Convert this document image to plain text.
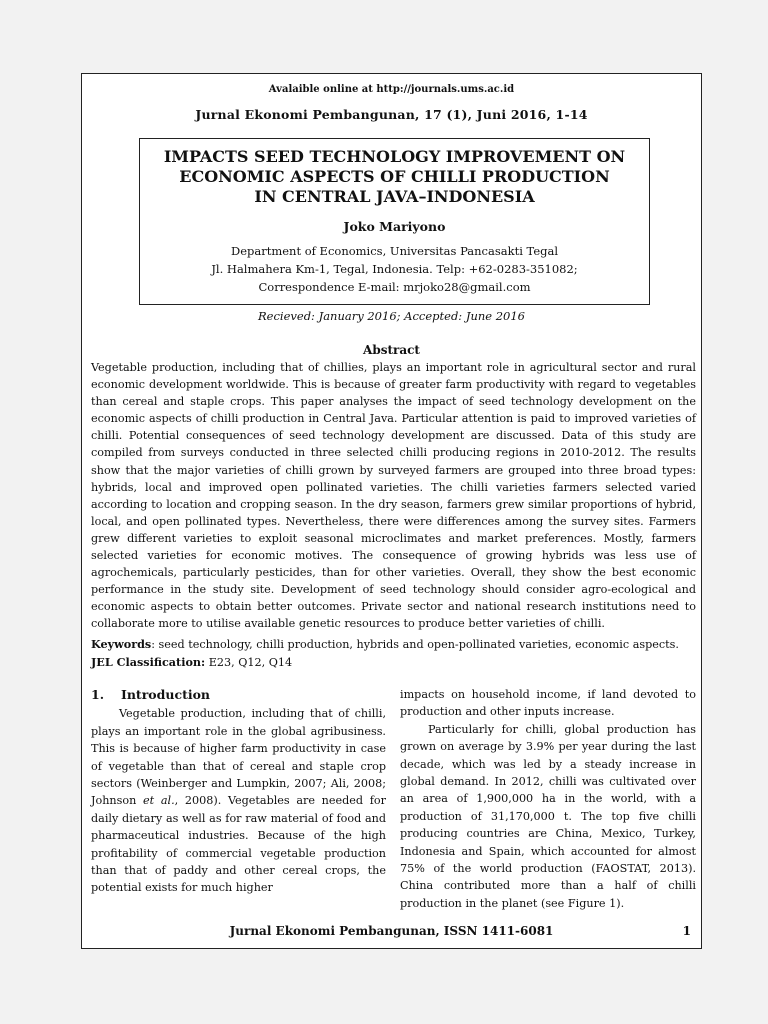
Avalaible online at http://journals.ums.ac.id
Jurnal Ekonomi Pembangunan, 17 (1), Juni 2016, 1-14
IMPACTS SEED TECHNOLOGY IMPROVEMENT ON
ECONOMIC ASPECTS OF CHILLI PRODUCTION
IN CENTRAL JAVA–INDONESIA
Joko Mariyono
Department of Economics, Universitas Pancasakti Tegal
Jl. Halmahera Km-1, Tegal, Indonesia. Telp: +62-0283-351082;
Correspondence E-mail: mrjoko28@gmail.com
Recieved: January 2016; Accepted: June 2016
Abstract
Vegetable production, including that of chillies, plays an important role in agricultural sector and rural economic development worldwide. This is because of greater farm productivity with regard to vegetables than cereal and staple crops. This paper analyses the impact of seed technology development on the economic aspects of chilli production in Central Java. Particular attention is paid to improved varieties of chilli. Potential consequences of seed technology development are discussed. Data of this study are compiled from surveys conducted in three selected chilli producing regions in 2010-2012. The results show that the major varieties of chilli grown by surveyed farmers are grouped into three broad types: hybrids, local and improved open pollinated varieties. The chilli varieties farmers selected varied according to location and cropping season. In the dry season, farmers grew similar proportions of hybrid, local, and open pollinated types. Nevertheless, there were differences among the survey sites. Farmers grew different varieties to exploit seasonal microclimates and market preferences. Mostly, farmers selected varieties for economic motives. The consequence of growing hybrids was less use of agrochemicals, particularly pesticides, than for other varieties. Overall, they show the best economic performance in the study site. Development of seed technology should consider agro-ecological and economic aspects to obtain better outcomes. Private sector and national research institutions need to collaborate more to utilise available genetic resources to produce better varieties of chilli.
Keywords: seed technology, chilli production, hybrids and open-pollinated varieties, economic aspects.
JEL Classification: E23, Q12, Q14
1. Introduction

Vegetable production, including that of chilli, plays an important role in the global agribusiness. This is because of higher farm productivity in case of vegetable than that of cereal and staple crop sectors (Weinberger and Lumpkin, 2007; Ali, 2008; Johnson et al., 2008). Vegetables are needed for daily dietary as well as for raw material of food and pharmaceutical industries. Because of the high profitability of commercial vegetable production than that of paddy and other cereal crops, the potential exists for much higher

impacts on household income, if land devoted to production and other inputs increase.

Particularly for chilli, global production has grown on average by 3.9% per year during the last decade, which was led by a steady increase in global demand. In 2012, chilli was cultivated over an area of 1,900,000 ha in the world, with a production of 31,170,000 t. The top five chilli producing countries are China, Mexico, Turkey, Indonesia and Spain, which accounted for almost 75% of the world production (FAOSTAT, 2013). China contributed more than a half of chilli production in the planet (see Figure 1).

Jurnal Ekonomi Pembangunan, ISSN 1411-6081	1
